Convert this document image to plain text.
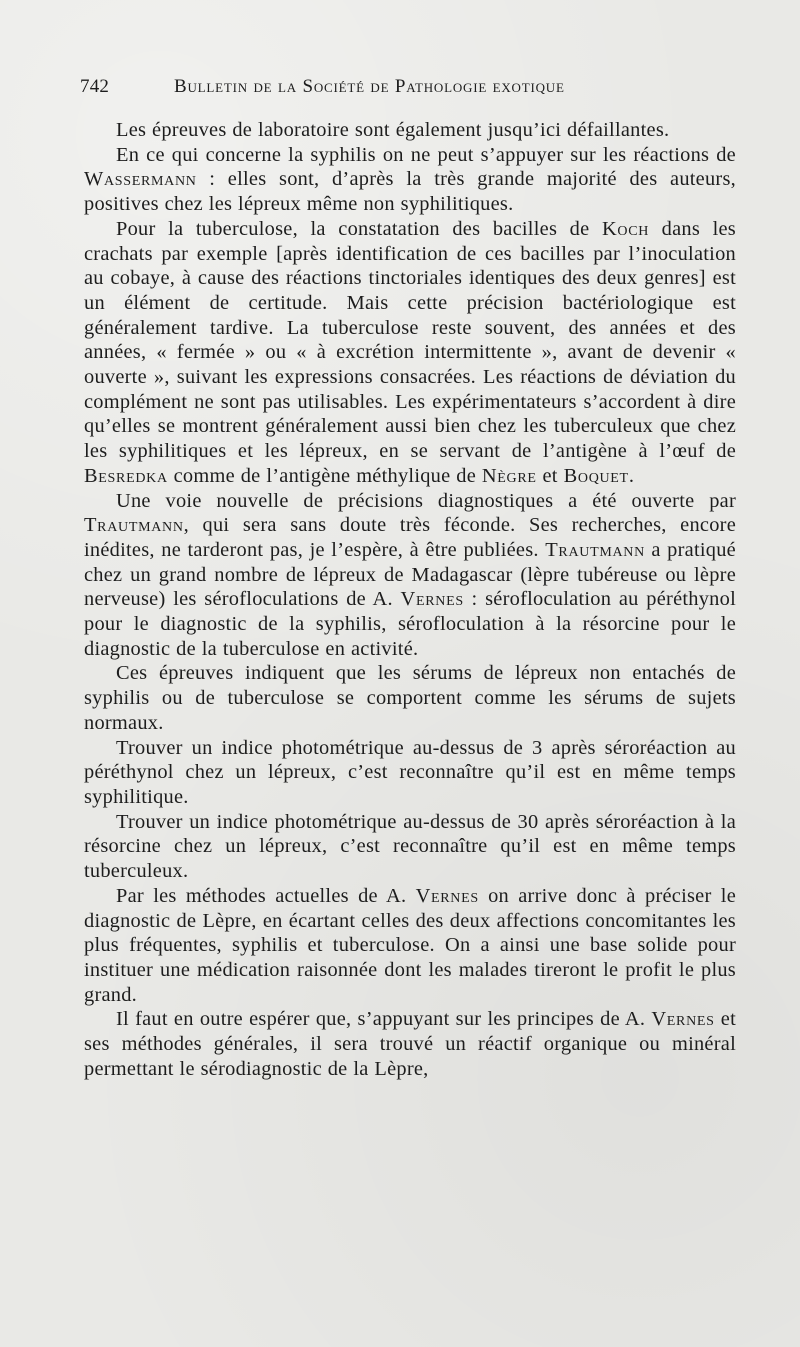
742	Bulletin de la Société de Pathologie exotique

Les épreuves de laboratoire sont également jusqu’ici défaillantes.

En ce qui concerne la syphilis on ne peut s’appuyer sur les réactions de Wassermann : elles sont, d’après la très grande majorité des auteurs, positives chez les lépreux même non syphilitiques.

Pour la tuberculose, la constatation des bacilles de Koch dans les crachats par exemple [après identification de ces bacilles par l’inoculation au cobaye, à cause des réactions tinctoriales identiques des deux genres] est un élément de certitude. Mais cette précision bactériologique est généralement tardive. La tuberculose reste souvent, des années et des années, « fermée » ou « à excrétion intermittente », avant de devenir « ouverte », suivant les expressions consacrées. Les réactions de déviation du complément ne sont pas utilisables. Les expérimentateurs s’accordent à dire qu’elles se montrent généralement aussi bien chez les tuberculeux que chez les syphilitiques et les lépreux, en se servant de l’antigène à l’œuf de Besredka comme de l’antigène méthylique de Nègre et Boquet.

Une voie nouvelle de précisions diagnostiques a été ouverte par Trautmann, qui sera sans doute très féconde. Ses recherches, encore inédites, ne tarderont pas, je l’espère, à être publiées. Trautmann a pratiqué chez un grand nombre de lépreux de Madagascar (lèpre tubéreuse ou lèpre nerveuse) les sérofloculations de A. Vernes : sérofloculation au péréthynol pour le diagnostic de la syphilis, sérofloculation à la résorcine pour le diagnostic de la tuberculose en activité.

Ces épreuves indiquent que les sérums de lépreux non entachés de syphilis ou de tuberculose se comportent comme les sérums de sujets normaux.

Trouver un indice photométrique au-dessus de 3 après séroréaction au péréthynol chez un lépreux, c’est reconnaître qu’il est en même temps syphilitique.

Trouver un indice photométrique au-dessus de 30 après séroréaction à la résorcine chez un lépreux, c’est reconnaître qu’il est en même temps tuberculeux.

Par les méthodes actuelles de A. Vernes on arrive donc à préciser le diagnostic de Lèpre, en écartant celles des deux affections concomitantes les plus fréquentes, syphilis et tuberculose. On a ainsi une base solide pour instituer une médication raisonnée dont les malades tireront le profit le plus grand.

Il faut en outre espérer que, s’appuyant sur les principes de A. Vernes et ses méthodes générales, il sera trouvé un réactif organique ou minéral permettant le sérodiagnostic de la Lèpre,
